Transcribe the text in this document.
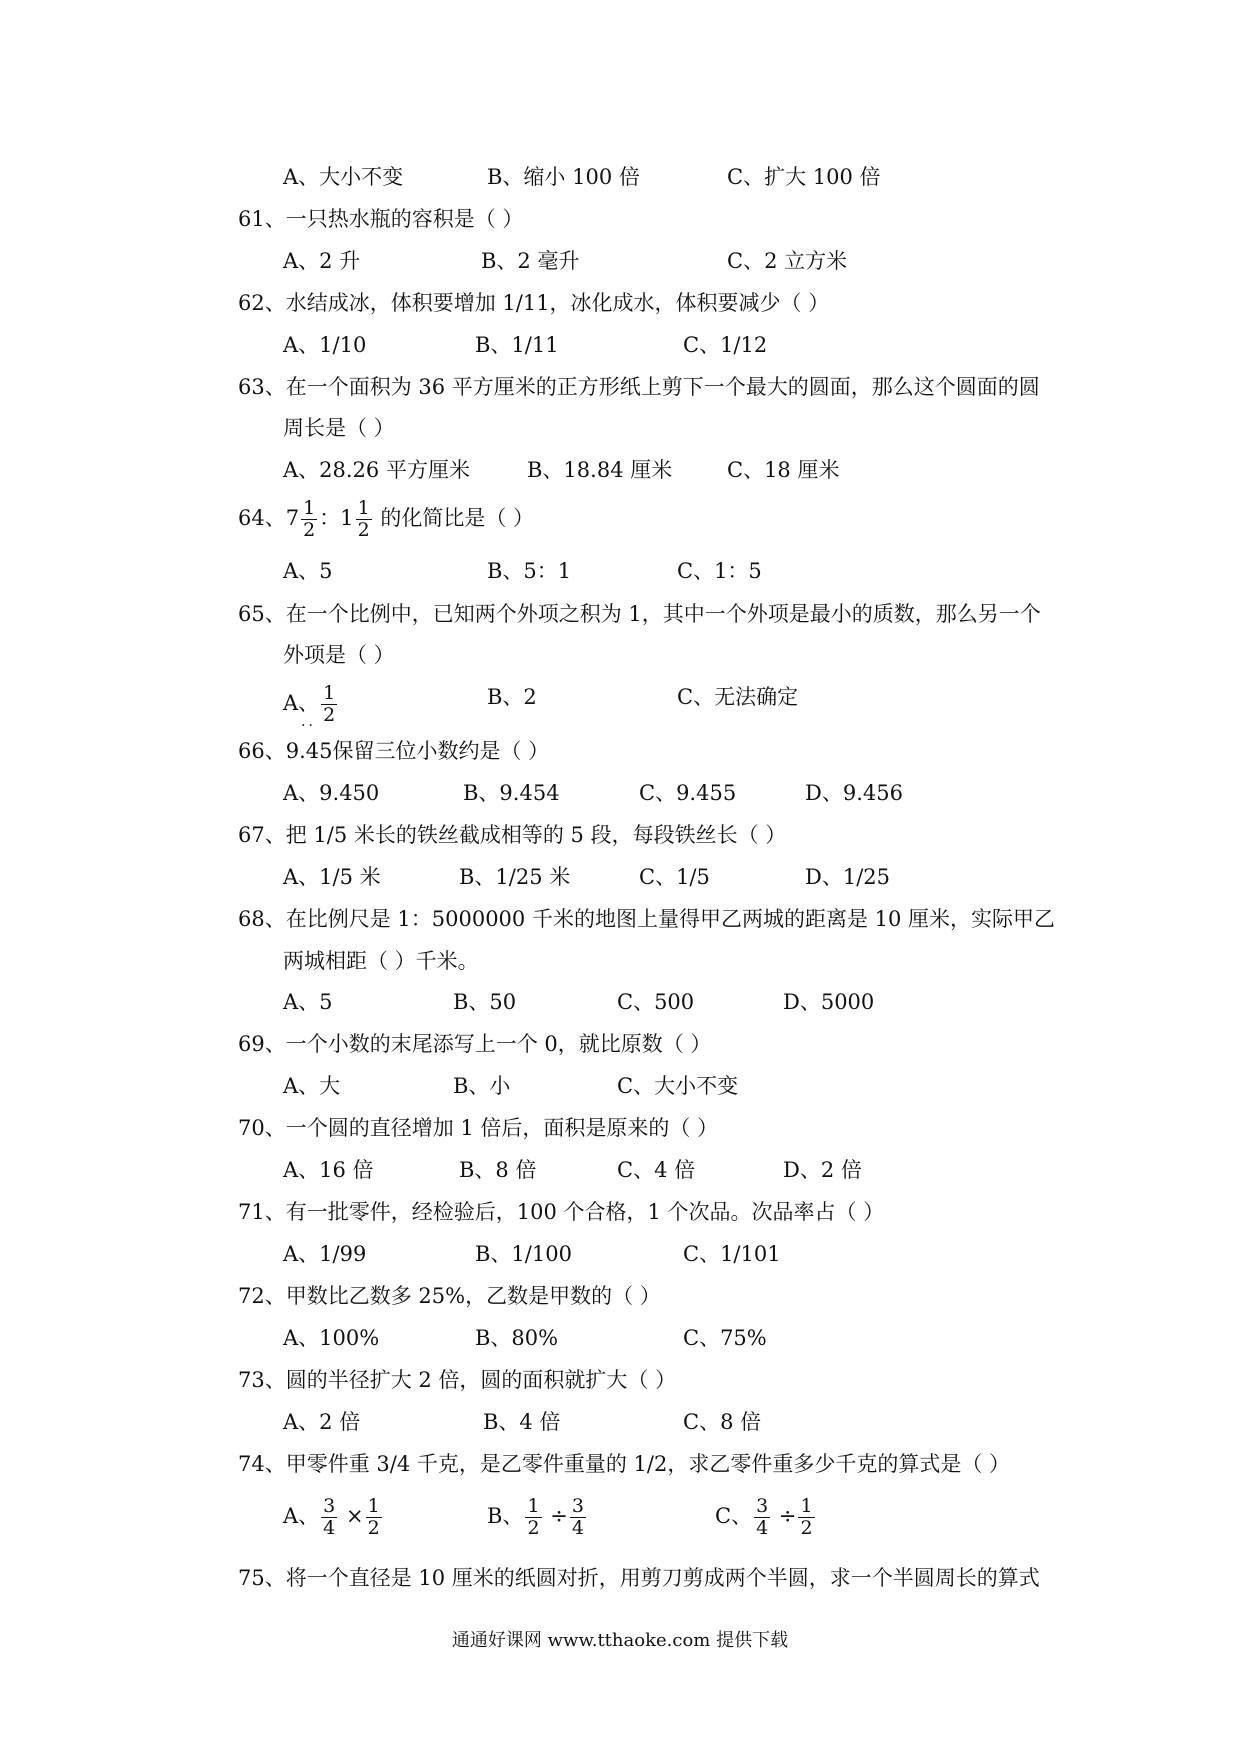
A、大小不变	B、缩小 100 倍	C、扩大 100 倍
61、一只热水瓶的容积是（ ）
A、2 升	B、2 毫升	C、2 立方米
62、水结成冰，体积要增加 1/11，冰化成水，体积要减少（ ）
A、1/10	B、1/11	C、1/12
63、在一个面积为 36 平方厘米的正方形纸上剪下一个最大的圆面，那么这个圆面的圆
周长是（ ）
A、28.26 平方厘米	B、18.84 厘米	C、18 厘米
64、$7 \frac{1}{2}$ ：$1 \frac{1}{2}$ 的化简比是（ ）
A、5	B、5：1	C、1：5
65、在一个比例中，已知两个外项之积为 1，其中一个外项是最小的质数，那么另一个
外项是（ ）
A、 $\frac{1}{2}$	B、2	C、无法确定
··
66、9.45保留三位小数约是（ ）
A、9.450	B、9.454	C、9.455	D、9.456
67、把 1/5 米长的铁丝截成相等的 5 段，每段铁丝长（ ）
A、1/5 米	B、1/25 米	C、1/5	D、1/25
68、在比例尺是 1：5000000 千米的地图上量得甲乙两城的距离是 10 厘米，实际甲乙
两城相距（ ）千米。
A、5	B、50	C、500	D、5000
69、一个小数的末尾添写上一个 0，就比原数（ ）
A、大	B、小	C、大小不变
70、一个圆的直径增加 1 倍后，面积是原来的（ ）
A、16 倍	B、8 倍	C、4 倍	D、2 倍
71、有一批零件，经检验后，100 个合格，1 个次品。次品率占（ ）
A、1/99	B、1/100	C、1/101
72、甲数比乙数多 25%，乙数是甲数的（ ）
A、100%	B、80%	C、75%
73、圆的半径扩大 2 倍，圆的面积就扩大（ ）
A、2 倍	B、4 倍	C、8 倍
74、甲零件重 3/4 千克，是乙零件重量的 1/2，求乙零件重多少千克的算式是（ ）
A、 $\frac{3}{4} \times \frac{1}{2}$	B、 $\frac{1}{2} \div \frac{3}{4}$	C、 $\frac{3}{4} \div \frac{1}{2}$
75、将一个直径是 10 厘米的纸圆对折，用剪刀剪成两个半圆，求一个半圆周长的算式
通通好课网 www.tthaoke.com 提供下载
